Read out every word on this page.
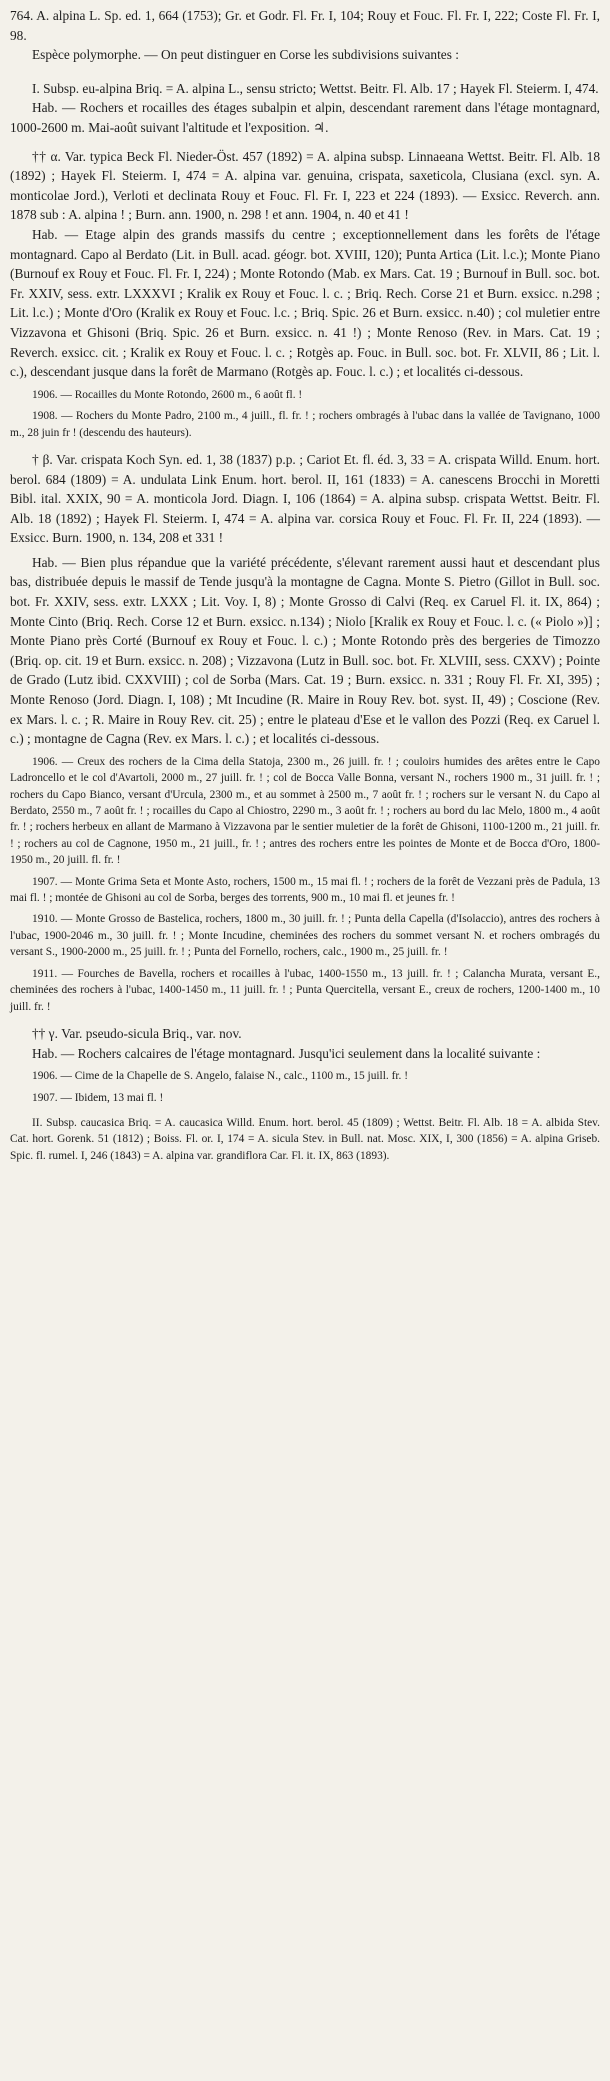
764. A. alpina L. Sp. ed. 1, 664 (1753); Gr. et Godr. Fl. Fr. I, 104; Rouy et Fouc. Fl. Fr. I, 222; Coste Fl. Fr. I, 98.

Espèce polymorphe. — On peut distinguer en Corse les subdivisions suivantes :

I. Subsp. eu-alpina Briq. = A. alpina L., sensu stricto; Wettst. Beitr. Fl. Alb. 17 ; Hayek Fl. Steierm. I, 474.

Hab. — Rochers et rocailles des étages subalpin et alpin, descendant rarement dans l'étage montagnard, 1000-2600 m. Mai-août suivant l'altitude et l'exposition. ♃.

†† α. Var. typica Beck Fl. Nieder-Öst. 457 (1892) = A. alpina subsp. Linnaeana Wettst. Beitr. Fl. Alb. 18 (1892) ; Hayek Fl. Steierm. I, 474 = A. alpina var. genuina, crispata, saxeticola, Clusiana (excl. syn. A. monticolae Jord.), Verloti et declinata Rouy et Fouc. Fl. Fr. I, 223 et 224 (1893). — Exsicc. Reverch. ann. 1878 sub : A. alpina ! ; Burn. ann. 1900, n. 298 ! et ann. 1904, n. 40 et 41 !

Hab. — Etage alpin des grands massifs du centre ; exceptionnellement dans les forêts de l'étage montagnard. Capo al Berdato (Lit. in Bull. acad. géogr. bot. XVIII, 120); Punta Artica (Lit. l.c.); Monte Piano (Burnouf ex Rouy et Fouc. Fl. Fr. I, 224) ; Monte Rotondo (Mab. ex Mars. Cat. 19 ; Burnouf in Bull. soc. bot. Fr. XXIV, sess. extr. LXXXVI ; Kralik ex Rouy et Fouc. l. c. ; Briq. Rech. Corse 21 et Burn. exsicc. n.298 ; Lit. l.c.) ; Monte d'Oro (Kralik ex Rouy et Fouc. l.c. ; Briq. Spic. 26 et Burn. exsicc. n.40) ; col muletier entre Vizzavona et Ghisoni (Briq. Spic. 26 et Burn. exsicc. n. 41 !) ; Monte Renoso (Rev. in Mars. Cat. 19 ; Reverch. exsicc. cit. ; Kralik ex Rouy et Fouc. l. c. ; Rotgès ap. Fouc. in Bull. soc. bot. Fr. XLVII, 86 ; Lit. l. c.), descendant jusque dans la forêt de Marmano (Rotgès ap. Fouc. l. c.) ; et localités ci-dessous.

1906. — Rocailles du Monte Rotondo, 2600 m., 6 août fl. !

1908. — Rochers du Monte Padro, 2100 m., 4 juill., fl. fr. ! ; rochers ombragés à l'ubac dans la vallée de Tavignano, 1000 m., 28 juin fr ! (descendu des hauteurs).

† β. Var. crispata Koch Syn. ed. 1, 38 (1837) p.p. ; Cariot Et. fl. éd. 3, 33 = A. crispata Willd. Enum. hort. berol. 684 (1809) = A. undulata Link Enum. hort. berol. II, 161 (1833) = A. canescens Brocchi in Moretti Bibl. ital. XXIX, 90 = A. monticola Jord. Diagn. I, 106 (1864) = A. alpina subsp. crispata Wettst. Beitr. Fl. Alb. 18 (1892) ; Hayek Fl. Steierm. I, 474 = A. alpina var. corsica Rouy et Fouc. Fl. Fr. II, 224 (1893). — Exsicc. Burn. 1900, n. 134, 208 et 331 !

Hab. — Bien plus répandue que la variété précédente, s'élevant rarement aussi haut et descendant plus bas, distribuée depuis le massif de Tende jusqu'à la montagne de Cagna. Monte S. Pietro (Gillot in Bull. soc. bot. Fr. XXIV, sess. extr. LXXX ; Lit. Voy. I, 8) ; Monte Grosso di Calvi (Req. ex Caruel Fl. it. IX, 864) ; Monte Cinto (Briq. Rech. Corse 12 et Burn. exsicc. n.134) ; Niolo [Kralik ex Rouy et Fouc. l. c. (« Piolo »)] ; Monte Piano près Corté (Burnouf ex Rouy et Fouc. l. c.) ; Monte Rotondo près des bergeries de Timozzo (Briq. op. cit. 19 et Burn. exsicc. n. 208) ; Vizzavona (Lutz in Bull. soc. bot. Fr. XLVIII, sess. CXXV) ; Pointe de Grado (Lutz ibid. CXXVIII) ; col de Sorba (Mars. Cat. 19 ; Burn. exsicc. n. 331 ; Rouy Fl. Fr. XI, 395) ; Monte Renoso (Jord. Diagn. I, 108) ; Mt Incudine (R. Maire in Rouy Rev. bot. syst. II, 49) ; Coscione (Rev. ex Mars. l. c. ; R. Maire in Rouy Rev. cit. 25) ; entre le plateau d'Ese et le vallon des Pozzi (Req. ex Caruel l. c.) ; montagne de Cagna (Rev. ex Mars. l. c.) ; et localités ci-dessous.

1906. — Creux des rochers de la Cima della Statoja, 2300 m., 26 juill. fr. ! ; couloirs humides des arêtes entre le Capo Ladroncello et le col d'Avartoli, 2000 m., 27 juill. fr. ! ; col de Bocca Valle Bonna, versant N., rochers 1900 m., 31 juill. fr. ! ; rochers du Capo Bianco, versant d'Urcula, 2300 m., et au sommet à 2500 m., 7 août fr. ! ; rochers sur le versant N. du Capo al Berdato, 2550 m., 7 août fr. ! ; rocailles du Capo al Chiostro, 2290 m., 3 août fr. ! ; rochers au bord du lac Melo, 1800 m., 4 août fr. ! ; rochers herbeux en allant de Marmano à Vizzavona par le sentier muletier de la forêt de Ghisoni, 1100-1200 m., 21 juill. fr. ! ; rochers au col de Cagnone, 1950 m., 21 juill., fr. ! ; antres des rochers entre les pointes de Monte et de Bocca d'Oro, 1800-1950 m., 20 juill. fl. fr. !

1907. — Monte Grima Seta et Monte Asto, rochers, 1500 m., 15 mai fl. ! ; rochers de la forêt de Vezzani près de Padula, 13 mai fl. ! ; montée de Ghisoni au col de Sorba, berges des torrents, 900 m., 10 mai fl. et jeunes fr. !

1910. — Monte Grosso de Bastelica, rochers, 1800 m., 30 juill. fr. ! ; Punta della Capella (d'Isolaccio), antres des rochers à l'ubac, 1900-2046 m., 30 juill. fr. ! ; Monte Incudine, cheminées des rochers du sommet versant N. et rochers ombragés du versant S., 1900-2000 m., 25 juill. fr. ! ; Punta del Fornello, rochers, calc., 1900 m., 25 juill. fr. !

1911. — Fourches de Bavella, rochers et rocailles à l'ubac, 1400-1550 m., 13 juill. fr. ! ; Calancha Murata, versant E., cheminées des rochers à l'ubac, 1400-1450 m., 11 juill. fr. ! ; Punta Quercitella, versant E., creux de rochers, 1200-1400 m., 10 juill. fr. !

†† γ. Var. pseudo-sicula Briq., var. nov.

Hab. — Rochers calcaires de l'étage montagnard. Jusqu'ici seulement dans la localité suivante :

1906. — Cime de la Chapelle de S. Angelo, falaise N., calc., 1100 m., 15 juill. fr. !

1907. — Ibidem, 13 mai fl. !

II. Subsp. caucasica Briq. = A. caucasica Willd. Enum. hort. berol. 45 (1809) ; Wettst. Beitr. Fl. Alb. 18 = A. albida Stev. Cat. hort. Gorenk. 51 (1812) ; Boiss. Fl. or. I, 174 = A. sicula Stev. in Bull. nat. Mosc. XIX, I, 300 (1856) = A. alpina Griseb. Spic. fl. rumel. I, 246 (1843) = A. alpina var. grandiflora Car. Fl. it. IX, 863 (1893).
